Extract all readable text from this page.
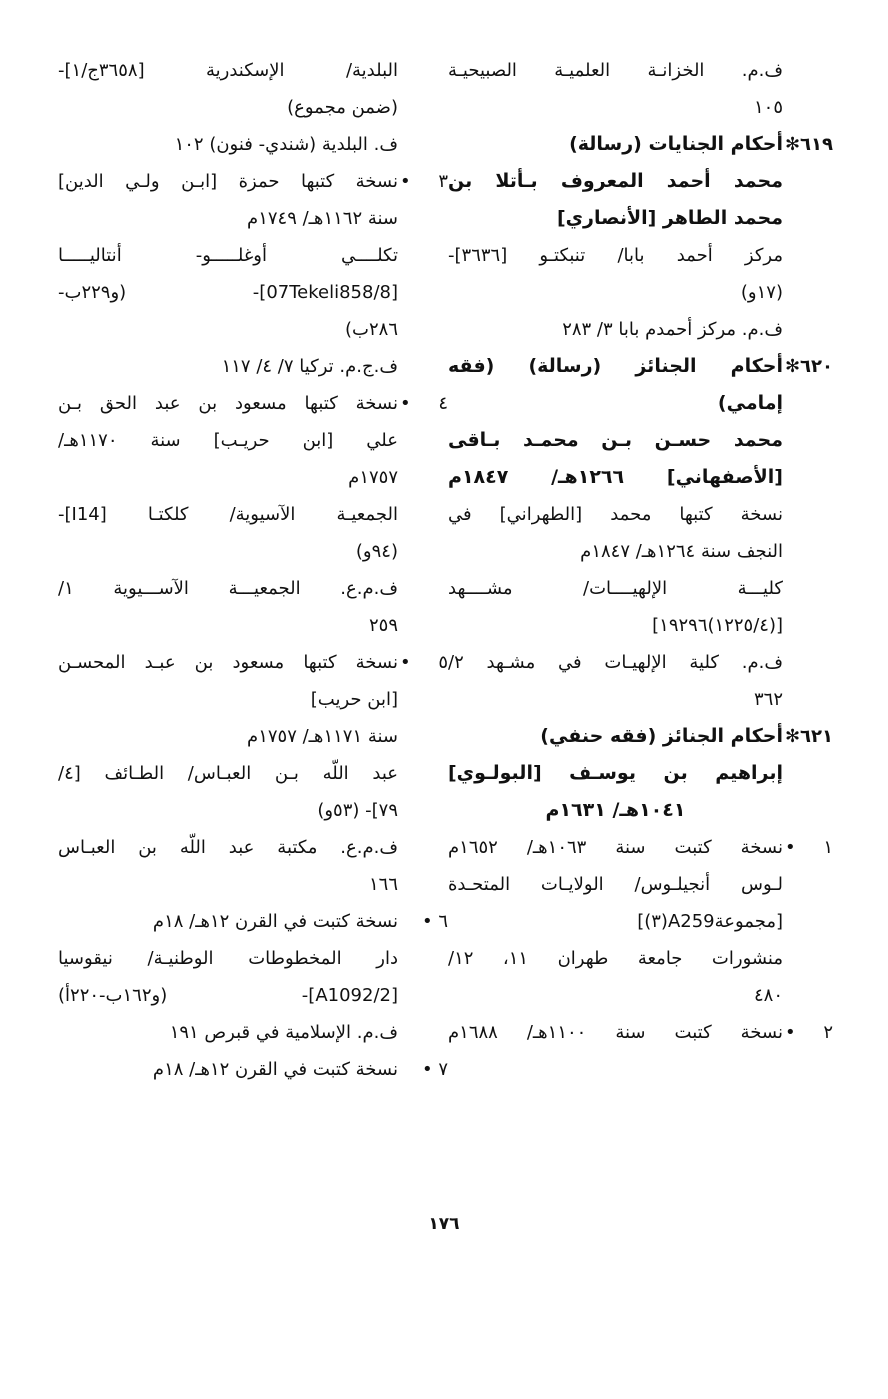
ف.م. الخزانـة العلميـة الصبيحيـة
١٠٥
٦١٩✻
أحكام الجنايات (رسالة)
محمد أحمد المعروف بـأتلا بن
محمد الطاهر [الأنصاري]
مركز أحمد بابا/ تنبكتـو [٣٦٣٦]-
(١٧و)
ف.م. مركز أحمدم بابا ٣/ ٢٨٣
٦٢٠✻
أحكام الجنائز (رسالة) (فقه
إمامي)
محمد حسـن بـن محمـد بـاقى
[الأصفهاني] ١٢٦٦هـ/ ١٨٤٧م
نسخة كتبها محمد [الطهراني] في
النجف سنة ١٢٦٤هـ/ ١٨٤٧م
كليـــة الإلهيــــات/ مشــــهد
[(١٢٢٥/٤)١٩٢٩٦]
ف.م. كلية الإلهيـات في مشـهد ٢/
٣٦٢
٦٢١✻
أحكام الجنائز (فقه حنفي)
إبراهيم بن يوسـف [البولـوي]
١٠٤١هـ/ ١٦٣١م
١ •
نسخة كتبت سنة ١٠٦٣هـ/ ١٦٥٢م
لـوس أنجيلـوس/ الولايـات المتحـدة
[مجموعةA259(٣)]
منشورات جامعة طهران ١١، ١٢/
٤٨٠
٢ •
نسخة كتبت سنة ١١٠٠هـ/ ١٦٨٨م
البلدية/ الإسكندرية [٣٦٥٨ج/١]-
(ضمن مجموع)
ف. البلدية (شندي- فنون) ١٠٢
٣ •
نسخة كتبها حمزة [ابـن ولـي الدين]
سنة ١١٦٢هـ/ ١٧٤٩م
تكلــــي أوغلـــــو- أنتاليـــــا
[07Tekeli858/8]- (و٢٢٩ب-
٢٨٦ب)
ف.ج.م. تركيا ٧/ ٤/ ١١٧
٤ •
نسخة كتبها مسعود بن عبد الحق بـن
علي [ابن حريـب] سنة ١١٧٠هـ/
١٧٥٧م
الجمعيـة الآسيوية/ كلكتـا [I14]-
(٩٤و)
ف.م.ع. الجمعيـــة الآســـيوية ١/
٢٥٩
٥ •
نسخة كتبها مسعود بن عبـد المحسـن
[ابن حريب]
سنة ١١٧١هـ/ ١٧٥٧م
عبد اللّه بـن العبـاس/ الطـائف [٤/
٧٩]- (٥٣و)
ف.م.ع. مكتبة عبد اللّه بن العبـاس
١٦٦
٦ •
نسخة كتبت في القرن ١٢هـ/ ١٨م
دار المخطوطات الوطنيـة/ نيقوسيا
[A1092/2]- (و١٦٢ب-٢٢٠أ)
ف.م. الإسلامية في قبرص ١٩١
٧ •
نسخة كتبت في القرن ١٢هـ/ ١٨م
١٧٦
